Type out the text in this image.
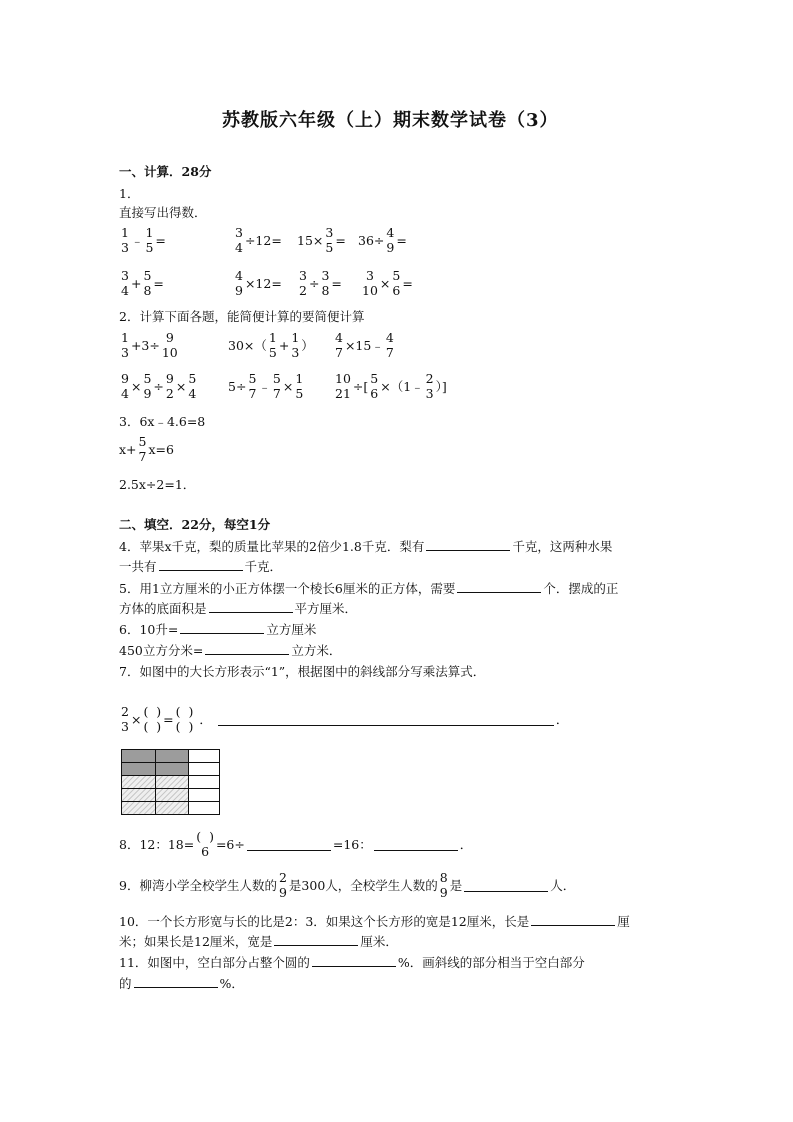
苏教版六年级（上）期末数学试卷（3）
一、计算．28分
1．
直接写出得数．
1
3 ﹣
1
5 =	3
4 ÷12= 15× 3
5 = 36÷ 4
9 =
3
4 + 5
8 =	4
9 ×12= 3
2 ÷ 3
8 = 3
10 × 5
6 =
2．计算下面各题，能简便计算的要简便计算
1
3 +3÷ 9
10	30×（
1
5 + 1
3 ）
4
7 ×15﹣
4
7
9
4 × 5
9 ÷ 9
2 × 5
4	5÷ 5
7 ﹣
5
7 × 1
5
10
21 ÷[ 5
6 ×（1﹣
2
3 ）]
3．6x﹣4.6=8
x+ 5
7 x=6
2.5x÷2=1．
二、填空．22分，每空1分
4．苹果x千克，梨的质量比苹果的2倍少1.8千克．梨有	千克，这两种水果
一共有	千克．
5．用1立方厘米的小正方体摆一个棱长6厘米的正方体，需要	个．摆成的正
方体的底面积是	平方厘米．
6．10升=	立方厘米
450立方分米=	立方米．
7．如图中的大长方形表示“1”，根据图中的斜线部分写乘法算式．
2
3 × (  )
(  ) = (  )
(  ) ．	．
8．12：18=
(  )
6 =6÷	=16：	．
9．柳湾小学全校学生人数的
2
9 是300人，全校学生人数的
8
9 是	人．
10．一个长方形宽与长的比是2：3．如果这个长方形的宽是12厘米，长是	厘
米；如果长是12厘米，宽是	厘米．
11．如图中，空白部分占整个圆的	%．画斜线的部分相当于空白部分
的	%．
